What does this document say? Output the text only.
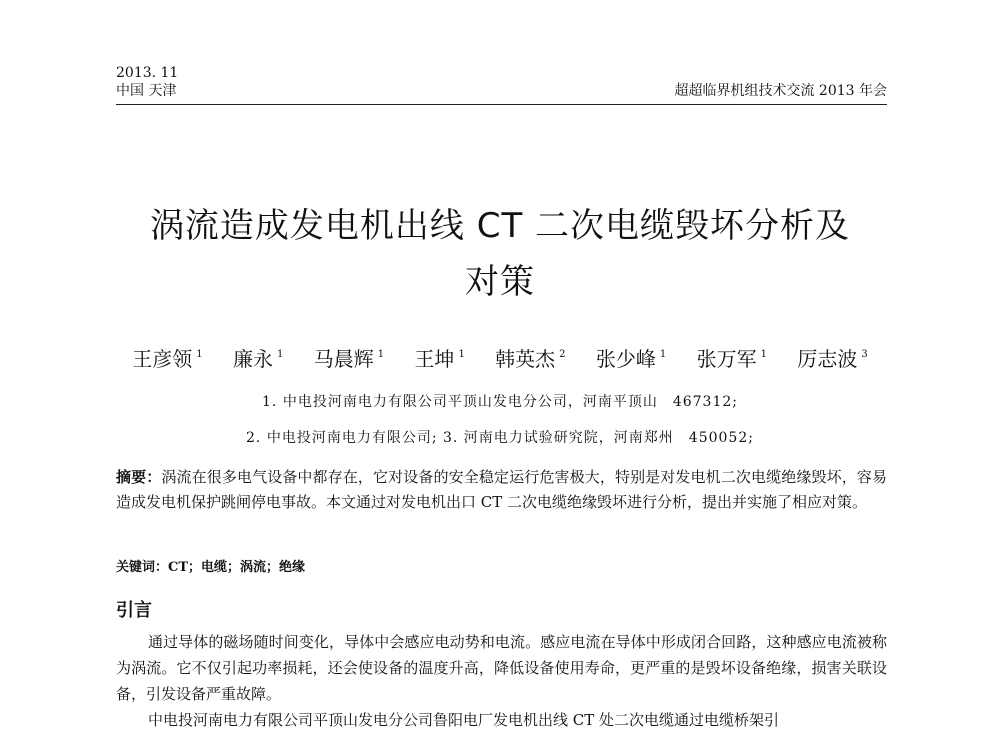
2013. 11
中国 天津	超超临界机组技术交流 2013 年会
涡流造成发电机出线 CT 二次电缆毁坏分析及
对策
王彦领 $^1$ 廉永 $^1$ 马晨辉 $^1$ 王坤 $^1$ 韩英杰 $^2$ 张少峰 $^1$ 张万军 $^1$ 厉志波 $^3$
1. 中电投河南电力有限公司平顶山发电分公司，河南平顶山　467312;
2. 中电投河南电力有限公司; 3. 河南电力试验研究院，河南郑州　450052;
摘要：涡流在很多电气设备中都存在，它对设备的安全稳定运行危害极大，特别是对发电机二次电缆绝缘毁坏，容易造成发电机保护跳闸停电事故。本文通过对发电机出口 CT 二次电缆绝缘毁坏进行分析，提出并实施了相应对策。
关键词：CT；电缆；涡流；绝缘
引言
通过导体的磁场随时间变化，导体中会感应电动势和电流。感应电流在导体中形成闭合回路，这种感应电流被称为涡流。它不仅引起功率损耗，还会使设备的温度升高，降低设备使用寿命，更严重的是毁坏设备绝缘，损害关联设备，引发设备严重故障。
中电投河南电力有限公司平顶山发电分公司鲁阳电厂发电机出线 CT 处二次电缆通过电缆桥架引
